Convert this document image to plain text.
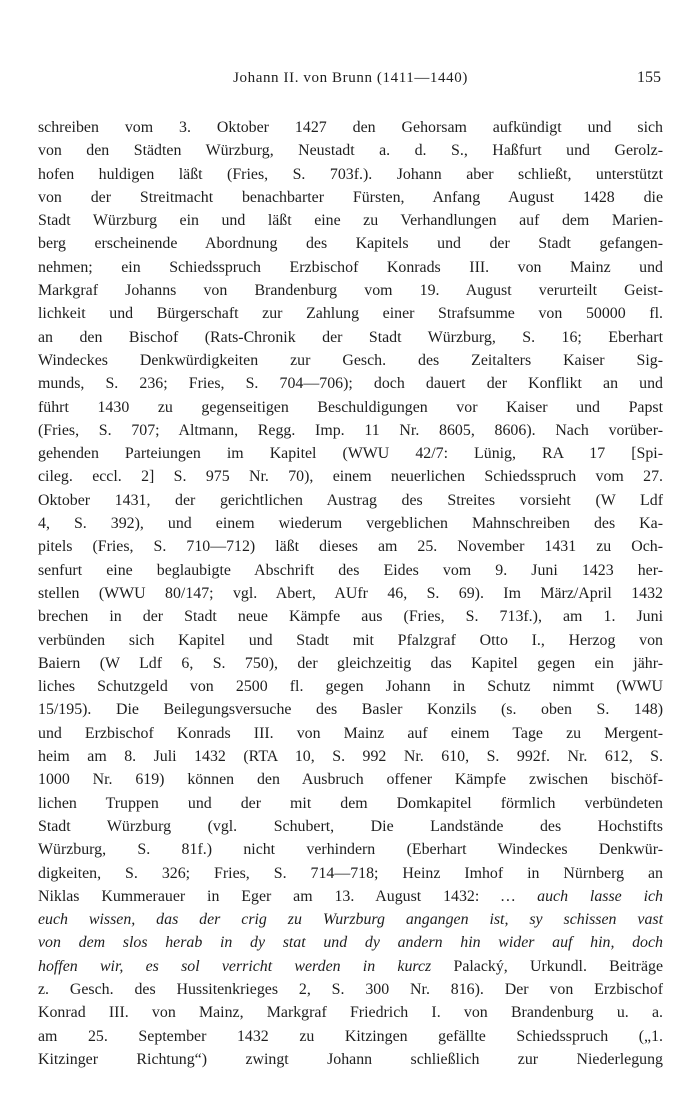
Johann II. von Brunn (1411—1440)	155
schreiben vom 3. Oktober 1427 den Gehorsam aufkündigt und sich
von den Städten Würzburg, Neustadt a. d. S., Haßfurt und Gerolz-
hofen huldigen läßt (Fries, S. 703f.). Johann aber schließt, unterstützt
von der Streitmacht benachbarter Fürsten, Anfang August 1428 die
Stadt Würzburg ein und läßt eine zu Verhandlungen auf dem Marien-
berg erscheinende Abordnung des Kapitels und der Stadt gefangen-
nehmen; ein Schiedsspruch Erzbischof Konrads III. von Mainz und
Markgraf Johanns von Brandenburg vom 19. August verurteilt Geist-
lichkeit und Bürgerschaft zur Zahlung einer Strafsumme von 50000 fl.
an den Bischof (Rats-Chronik der Stadt Würzburg, S. 16; Eberhart
Windeckes Denkwürdigkeiten zur Gesch. des Zeitalters Kaiser Sig-
munds, S. 236; Fries, S. 704—706); doch dauert der Konflikt an und
führt 1430 zu gegenseitigen Beschuldigungen vor Kaiser und Papst
(Fries, S. 707; Altmann, Regg. Imp. 11 Nr. 8605, 8606). Nach vorüber-
gehenden Parteiungen im Kapitel (WWU 42/7: Lünig, RA 17 [Spi-
cileg. eccl. 2] S. 975 Nr. 70), einem neuerlichen Schiedsspruch vom 27.
Oktober 1431, der gerichtlichen Austrag des Streites vorsieht (W Ldf
4, S. 392), und einem wiederum vergeblichen Mahnschreiben des Ka-
pitels (Fries, S. 710—712) läßt dieses am 25. November 1431 zu Och-
senfurt eine beglaubigte Abschrift des Eides vom 9. Juni 1423 her-
stellen (WWU 80/147; vgl. Abert, AUfr 46, S. 69). Im März/April 1432
brechen in der Stadt neue Kämpfe aus (Fries, S. 713f.), am 1. Juni
verbünden sich Kapitel und Stadt mit Pfalzgraf Otto I., Herzog von
Baiern (W Ldf 6, S. 750), der gleichzeitig das Kapitel gegen ein jähr-
liches Schutzgeld von 2500 fl. gegen Johann in Schutz nimmt (WWU
15/195). Die Beilegungsversuche des Basler Konzils (s. oben S. 148)
und Erzbischof Konrads III. von Mainz auf einem Tage zu Mergent-
heim am 8. Juli 1432 (RTA 10, S. 992 Nr. 610, S. 992f. Nr. 612, S.
1000 Nr. 619) können den Ausbruch offener Kämpfe zwischen bischöf-
lichen Truppen und der mit dem Domkapitel förmlich verbündeten
Stadt Würzburg (vgl. Schubert, Die Landstände des Hochstifts
Würzburg, S. 81f.) nicht verhindern (Eberhart Windeckes Denkwür-
digkeiten, S. 326; Fries, S. 714—718; Heinz Imhof in Nürnberg an
Niklas Kummerauer in Eger am 13. August 1432: … auch lasse ich
euch wissen, das der crig zu Wurzburg angangen ist, sy schissen vast
von dem slos herab in dy stat und dy andern hin wider auf hin, doch
hoffen wir, es sol verricht werden in kurcz Palacký, Urkundl. Beiträge
z. Gesch. des Hussitenkrieges 2, S. 300 Nr. 816). Der von Erzbischof
Konrad III. von Mainz, Markgraf Friedrich I. von Brandenburg u. a.
am 25. September 1432 zu Kitzingen gefällte Schiedsspruch („1.
Kitzinger Richtung“) zwingt Johann schließlich zur Niederlegung
